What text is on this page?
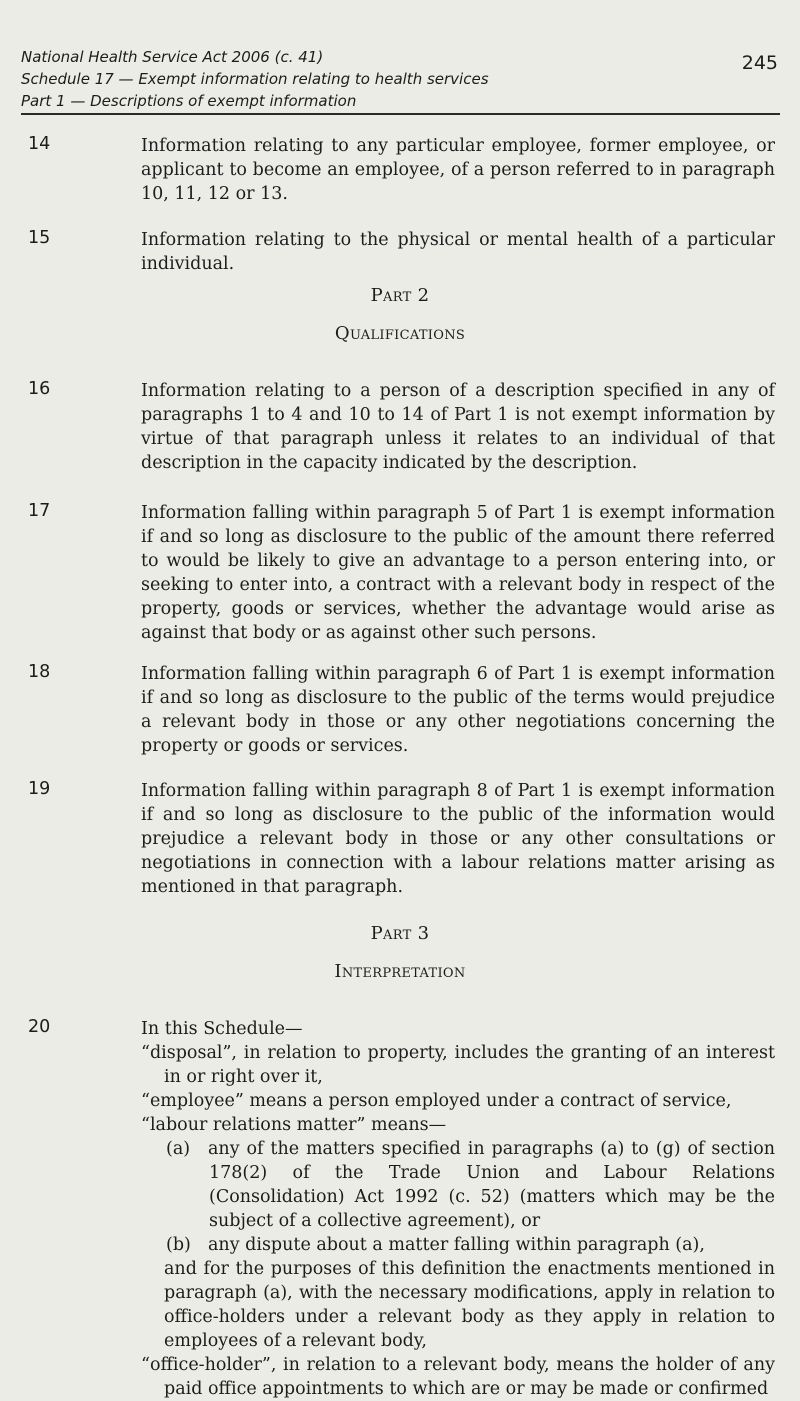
National Health Service Act 2006 (c. 41)
Schedule 17 — Exempt information relating to health services
Part 1 — Descriptions of exempt information
245
14	Information relating to any particular employee, former employee, or applicant to become an employee, of a person referred to in paragraph 10, 11, 12 or 13.
15	Information relating to the physical or mental health of a particular individual.
Part 2
Qualifications
16	Information relating to a person of a description specified in any of paragraphs 1 to 4 and 10 to 14 of Part 1 is not exempt information by virtue of that paragraph unless it relates to an individual of that description in the capacity indicated by the description.
17	Information falling within paragraph 5 of Part 1 is exempt information if and so long as disclosure to the public of the amount there referred to would be likely to give an advantage to a person entering into, or seeking to enter into, a contract with a relevant body in respect of the property, goods or services, whether the advantage would arise as against that body or as against other such persons.
18	Information falling within paragraph 6 of Part 1 is exempt information if and so long as disclosure to the public of the terms would prejudice a relevant body in those or any other negotiations concerning the property or goods or services.
19	Information falling within paragraph 8 of Part 1 is exempt information if and so long as disclosure to the public of the information would prejudice a relevant body in those or any other consultations or negotiations in connection with a labour relations matter arising as mentioned in that paragraph.
Part 3
Interpretation
20	In this Schedule—
“disposal”, in relation to property, includes the granting of an interest in or right over it,
“employee” means a person employed under a contract of service,
“labour relations matter” means—
(a) any of the matters specified in paragraphs (a) to (g) of section 178(2) of the Trade Union and Labour Relations (Consolidation) Act 1992 (c. 52) (matters which may be the subject of a collective agreement), or
(b) any dispute about a matter falling within paragraph (a),
and for the purposes of this definition the enactments mentioned in paragraph (a), with the necessary modifications, apply in relation to office-holders under a relevant body as they apply in relation to employees of a relevant body,
“office-holder”, in relation to a relevant body, means the holder of any paid office appointments to which are or may be made or confirmed
